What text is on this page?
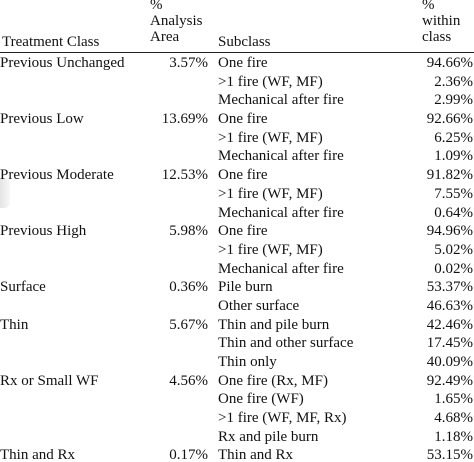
Treatment Class
%
Analysis
Area	Subclass
%
within
class
Previous Unchanged	3.57% One fire	94.66%
>1 fire (WF, MF)	2.36%
Mechanical after fire	2.99%
Previous Low	13.69% One fire	92.66%
>1 fire (WF, MF)	6.25%
Mechanical after fire	1.09%
Previous Moderate	12.53% One fire	91.82%
>1 fire (WF, MF)	7.55%
Mechanical after fire	0.64%
Previous High	5.98% One fire	94.96%
>1 fire (WF, MF)	5.02%
Mechanical after fire	0.02%
Surface	0.36% Pile burn	53.37%
Other surface	46.63%
Thin	5.67% Thin and pile burn	42.46%
Thin and other surface	17.45%
Thin only	40.09%
Rx or Small WF	4.56% One fire (Rx, MF)	92.49%
One fire (WF)	1.65%
>1 fire (WF, MF, Rx)	4.68%
Rx and pile burn	1.18%
Thin and Rx	0.17% Thin and Rx	53.15%
